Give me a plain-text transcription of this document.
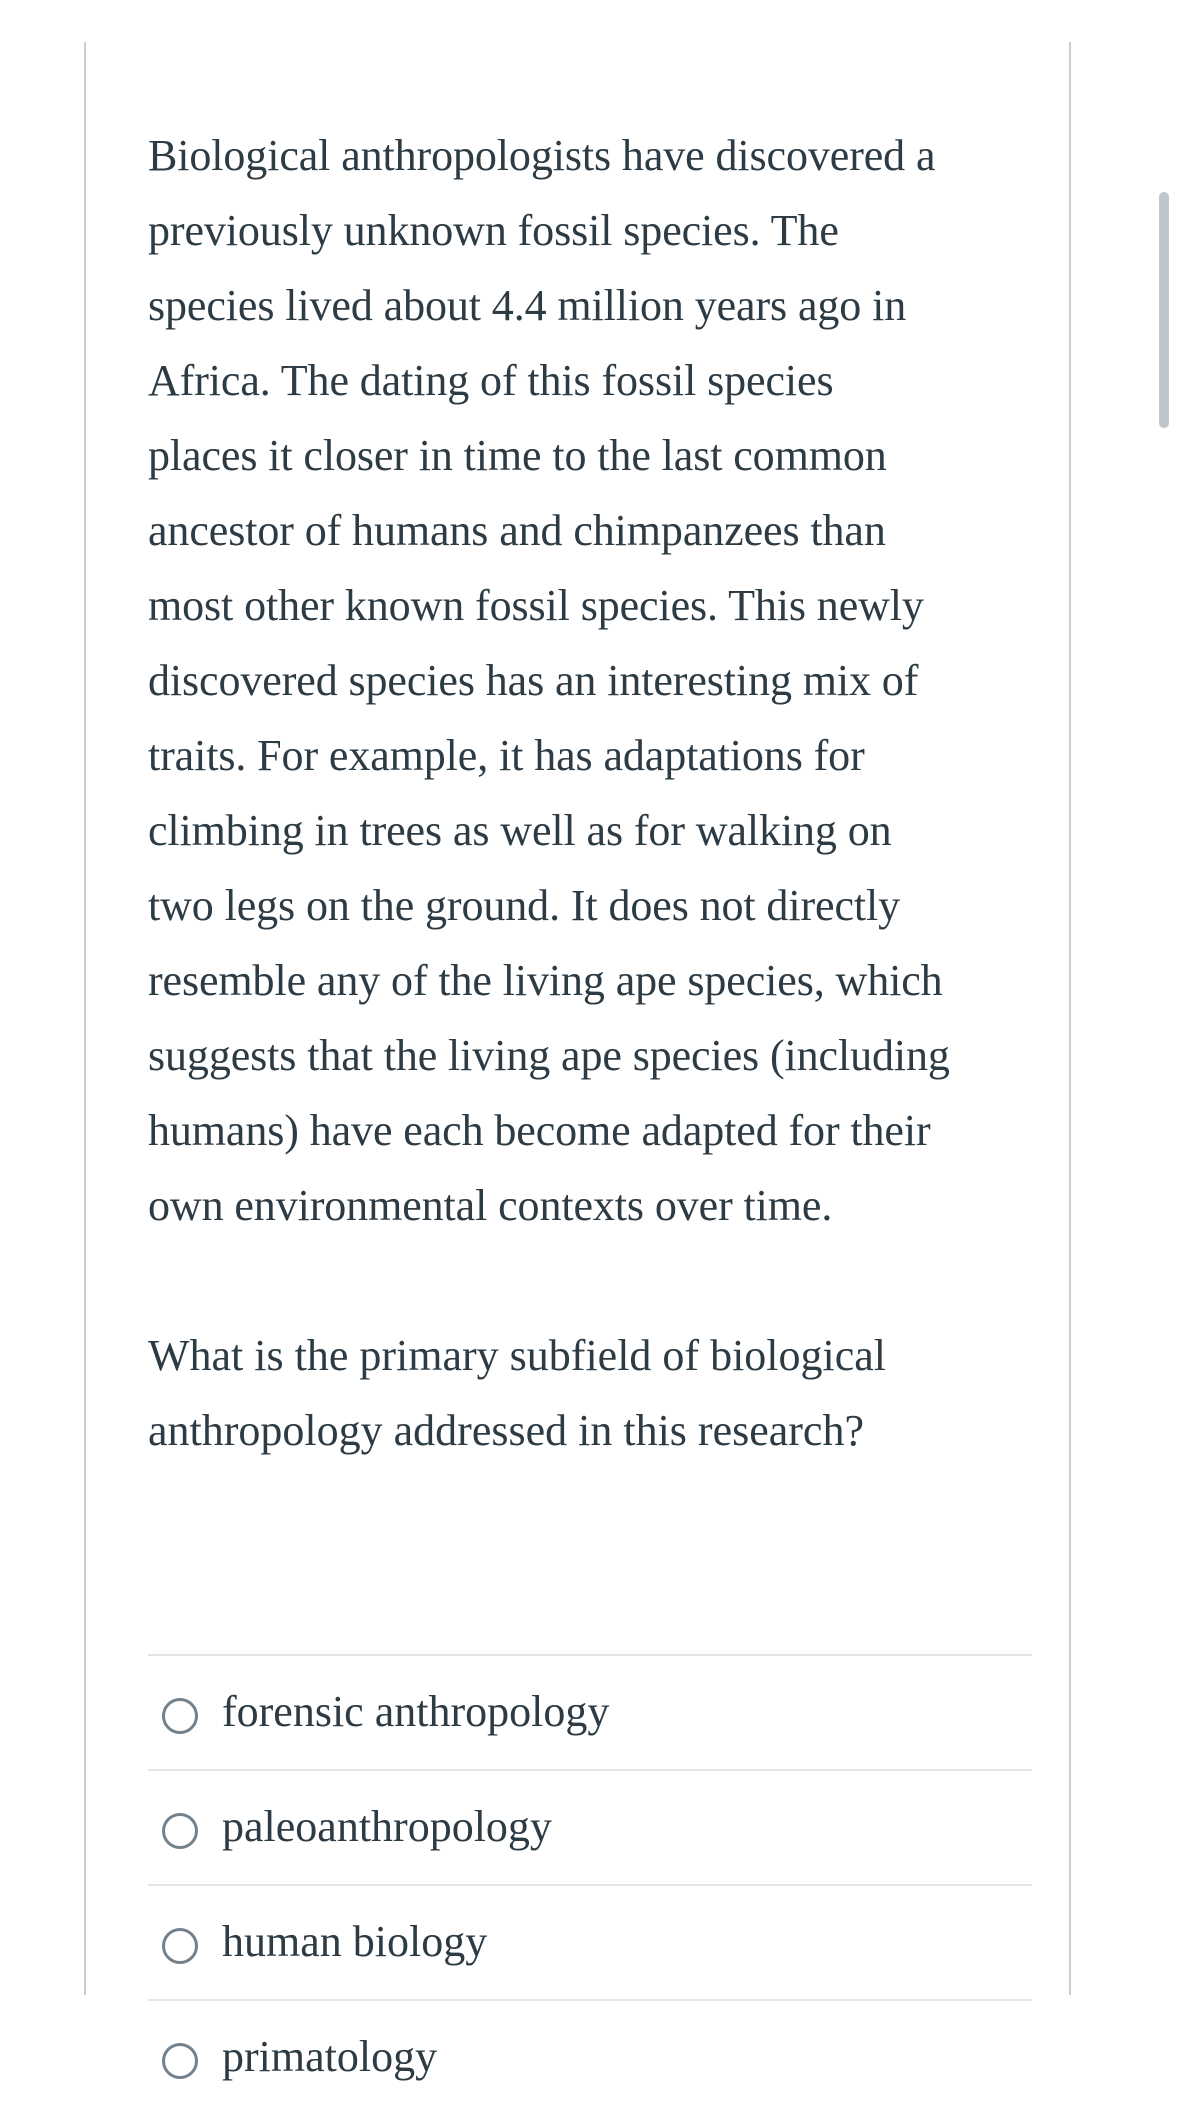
Biological anthropologists have discovered a
previously unknown fossil species. The
species lived about 4.4 million years ago in
Africa. The dating of this fossil species
places it closer in time to the last common
ancestor of humans and chimpanzees than
most other known fossil species. This newly
discovered species has an interesting mix of
traits. For example, it has adaptations for
climbing in trees as well as for walking on
two legs on the ground. It does not directly
resemble any of the living ape species, which
suggests that the living ape species (including
humans) have each become adapted for their
own environmental contexts over time.

What is the primary subfield of biological
anthropology addressed in this research?

forensic anthropology
paleoanthropology
human biology
primatology
